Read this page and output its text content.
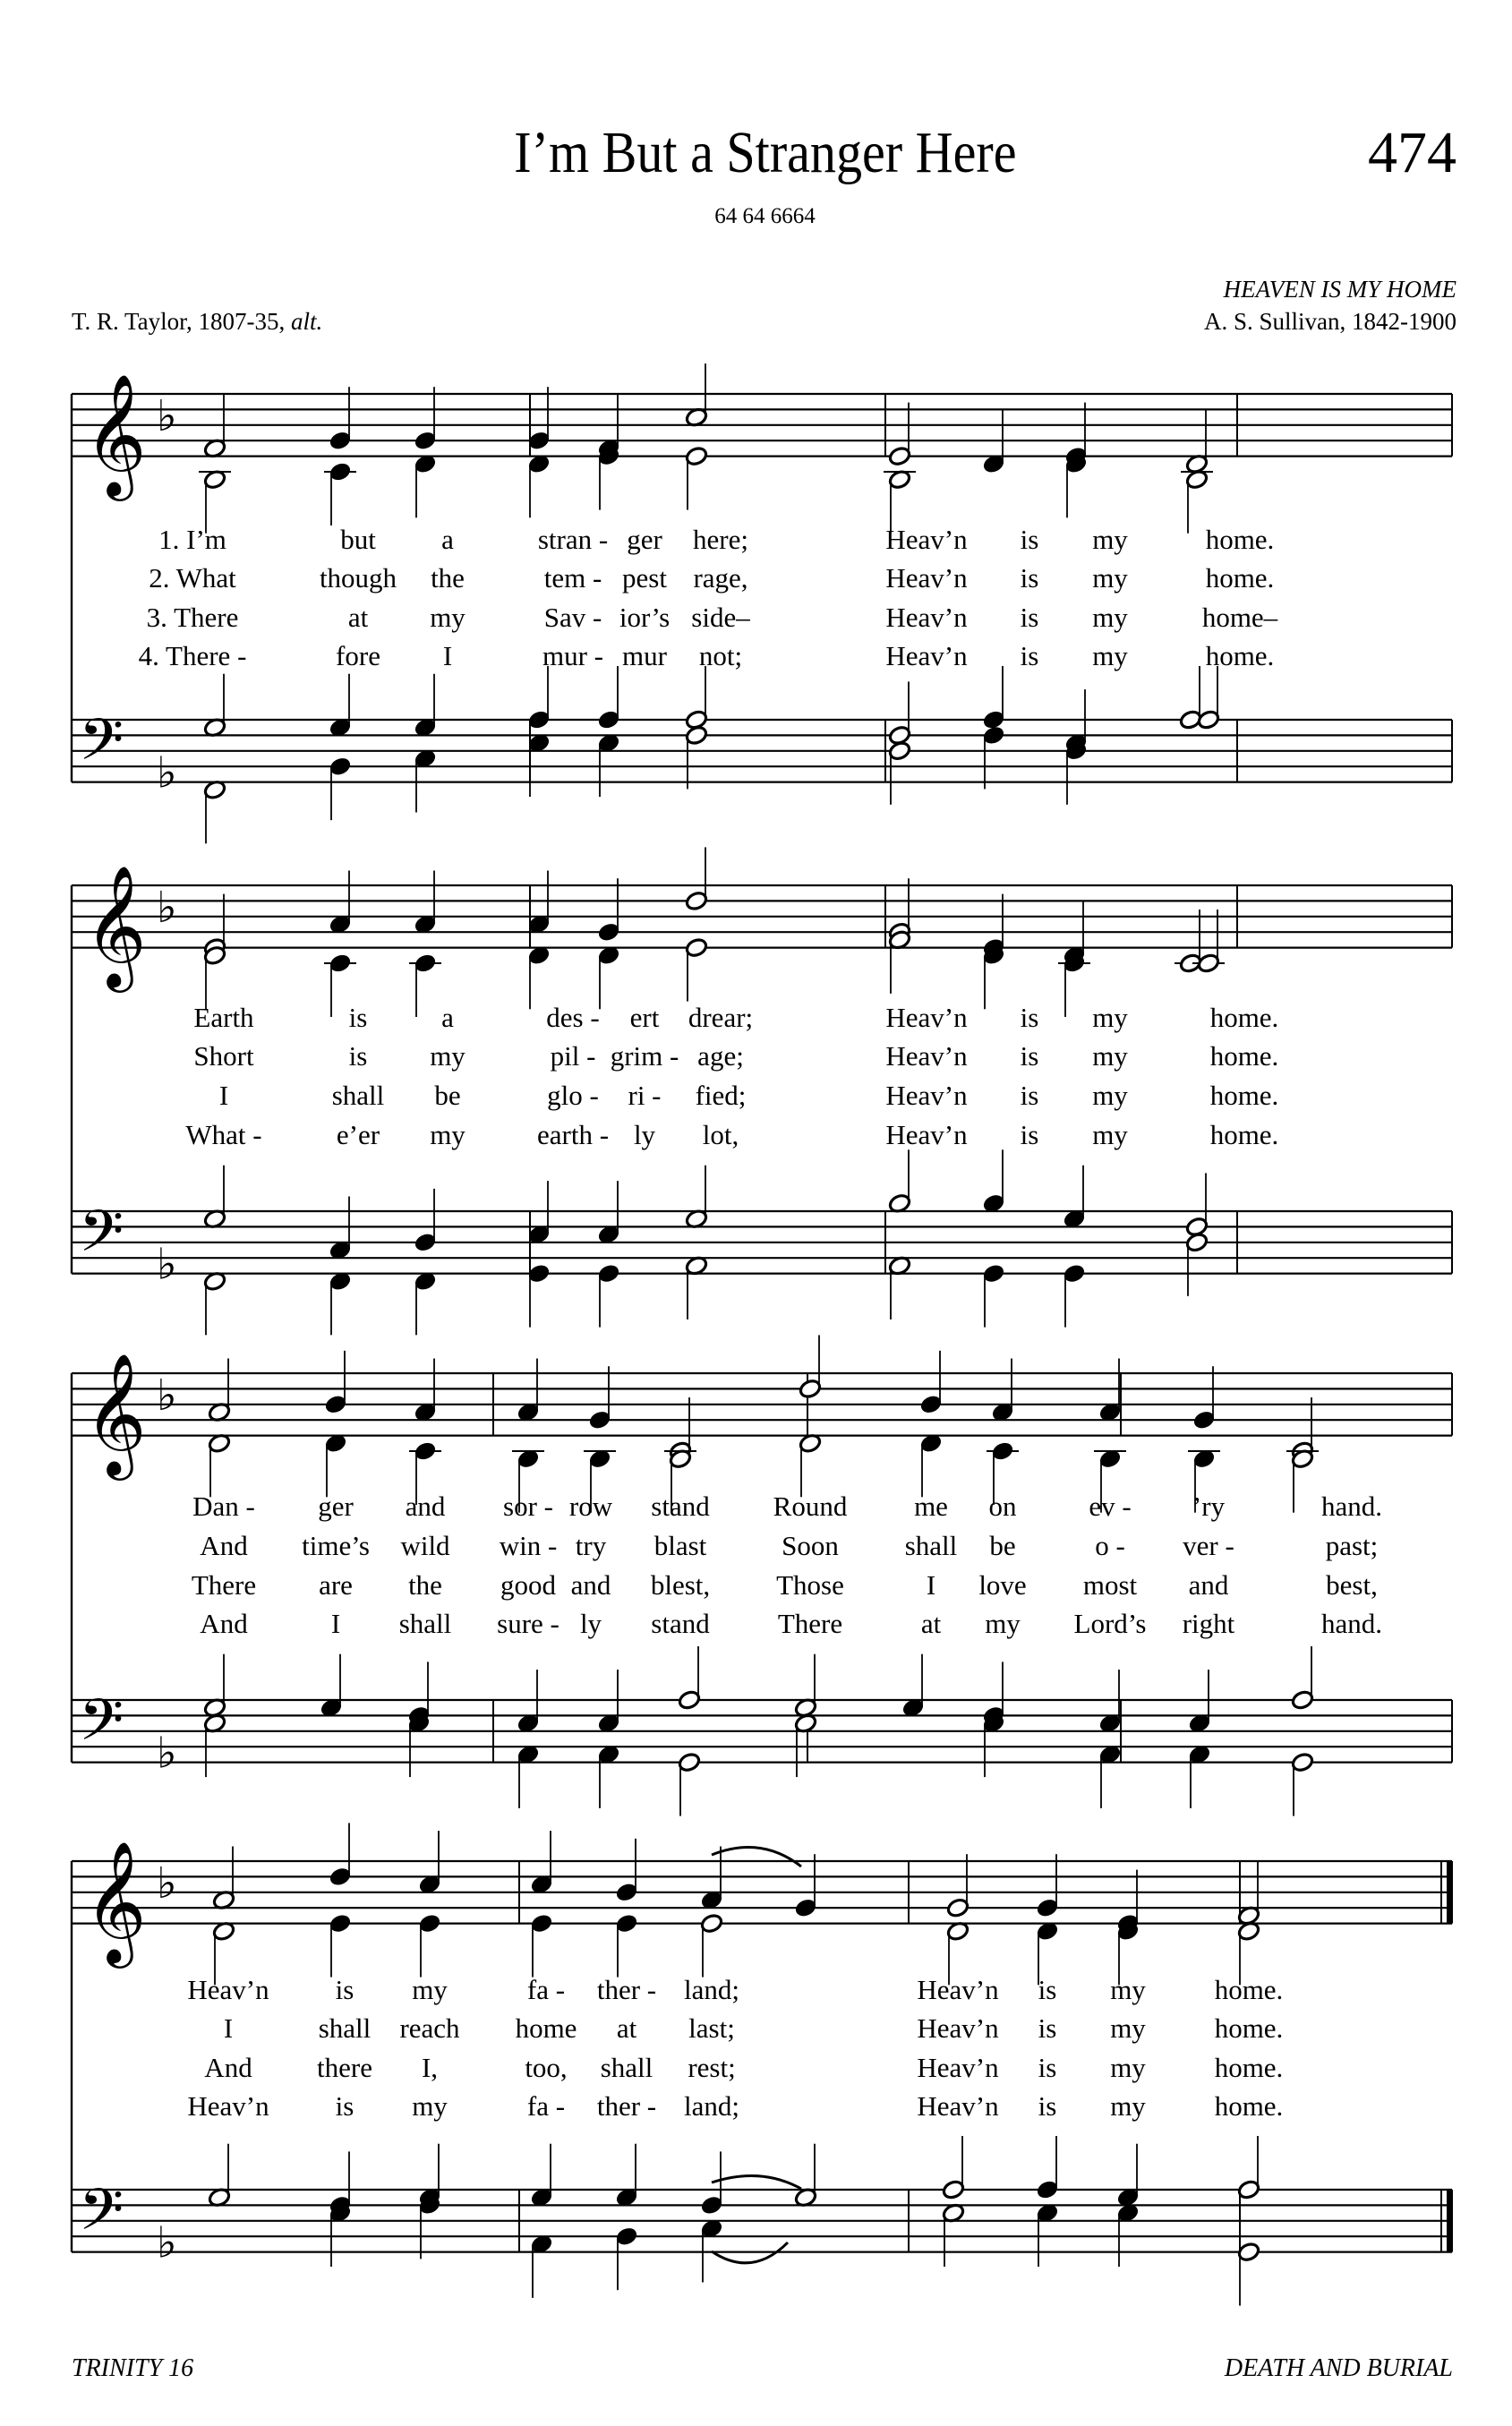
I’m But a Stranger Here	474
64 64 6664
HEAVEN IS MY HOME
T. R. Taylor, 1807-35, alt.	A. S. Sullivan, 1842-1900
𝄞 ♭
𝄢 ♭
𝄞 ♭
𝄢 ♭
𝄞 ♭
𝄢 ♭
𝄞 ♭
𝄢 ♭
1. I’m	but a	stran - ger here;	Heav’n is my	home.
2. What	though the	tem - pest rage,	Heav’n is my	home.
3. There	at my	Sav - ior’s side–	Heav’n is my	home–
4. There -	fore I	mur - mur not;	Heav’n is my	home.
Earth	is	a	des - ert drear;	Heav’n is my	home.
Short	is my	pil - grim - age;	Heav’n is my	home.
I	shall be	glo - ri - fied;	Heav’n is my	home.
What -	e’er my	earth - ly lot,	Heav’n is my	home.
Dan - ger and sor - row stand Round me on	ev - ’ry	hand.
And time’s wild win - try blast	Soon shall be	o - ver -	past;
There are the good and blest, Those	I love most and	best,
And	I shall sure - ly stand There	at my Lord’s right	hand.
Heav’n is my	fa - ther - land;	Heav’n is my home.
I	shall reach home at last;	Heav’n is my home.
And there I,	too, shall rest;	Heav’n is my home.
Heav’n is my	fa - ther - land;	Heav’n is my home.
TRINITY 16	DEATH AND BURIAL
